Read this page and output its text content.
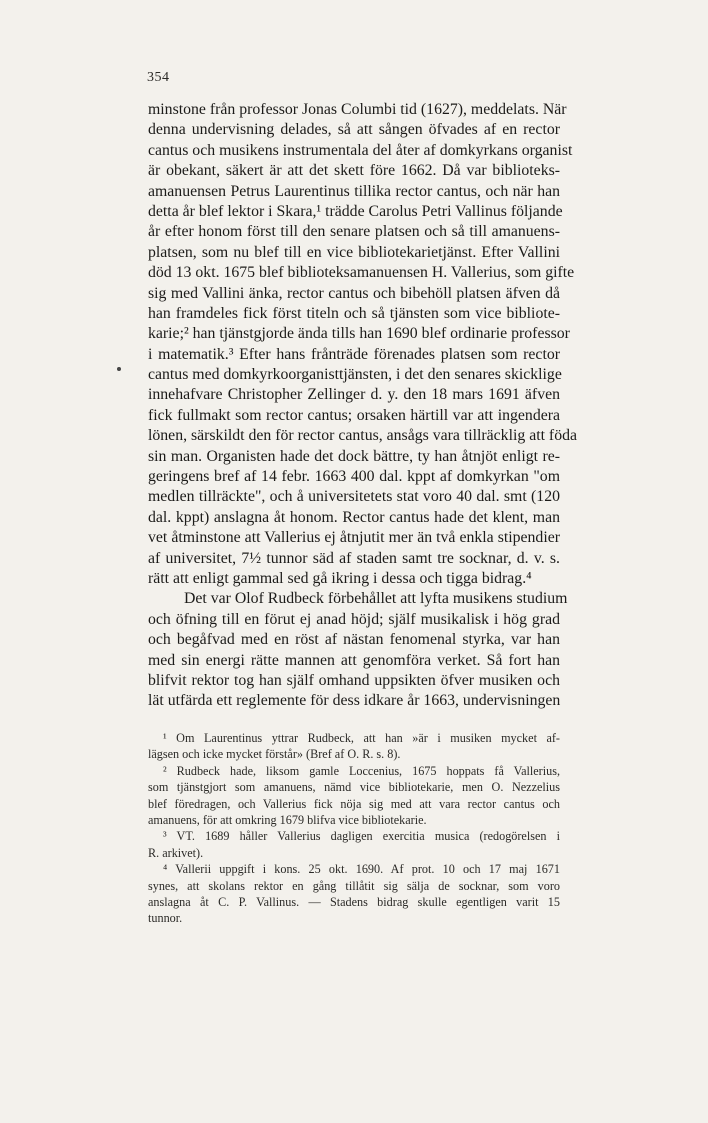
354
minstone från professor Jonas Columbi tid (1627), meddelats. När
denna undervisning delades, så att sången öfvades af en rector
cantus och musikens instrumentala del åter af domkyrkans organist
är obekant, säkert är att det skett före 1662. Då var biblioteks-
amanuensen Petrus Laurentinus tillika rector cantus, och när han
detta år blef lektor i Skara,¹ trädde Carolus Petri Vallinus följande
år efter honom först till den senare platsen och så till amanuens-
platsen, som nu blef till en vice bibliotekarietjänst. Efter Vallini
död 13 okt. 1675 blef biblioteksamanuensen H. Vallerius, som gifte
sig med Vallini änka, rector cantus och bibehöll platsen äfven då
han framdeles fick först titeln och så tjänsten som vice bibliote-
karie;² han tjänstgjorde ända tills han 1690 blef ordinarie professor
i matematik.³ Efter hans frånträde förenades platsen som rector
cantus med domkyrkoorganisttjänsten, i det den senares skicklige
innehafvare Christopher Zellinger d. y. den 18 mars 1691 äfven
fick fullmakt som rector cantus; orsaken härtill var att ingendera
lönen, särskildt den för rector cantus, ansågs vara tillräcklig att föda
sin man. Organisten hade det dock bättre, ty han åtnjöt enligt re-
geringens bref af 14 febr. 1663 400 dal. kppt af domkyrkan "om
medlen tillräckte", och å universitetets stat voro 40 dal. smt (120
dal. kppt) anslagna åt honom. Rector cantus hade det klent, man
vet åtminstone att Vallerius ej åtnjutit mer än två enkla stipendier
af universitet, 7½ tunnor säd af staden samt tre socknar, d. v. s.
rätt att enligt gammal sed gå ikring i dessa och tigga bidrag.⁴
Det var Olof Rudbeck förbehållet att lyfta musikens studium
och öfning till en förut ej anad höjd; själf musikalisk i hög grad
och begåfvad med en röst af nästan fenomenal styrka, var han
med sin energi rätte mannen att genomföra verket. Så fort han
blifvit rektor tog han själf omhand uppsikten öfver musiken och
lät utfärda ett reglemente för dess idkare år 1663, undervisningen
¹ Om Laurentinus yttrar Rudbeck, att han »är i musiken mycket af-
lägsen och icke mycket förstår» (Bref af O. R. s. 8).
² Rudbeck hade, liksom gamle Loccenius, 1675 hoppats få Vallerius,
som tjänstgjort som amanuens, nämd vice bibliotekarie, men O. Nezzelius
blef föredragen, och Vallerius fick nöja sig med att vara rector cantus och
amanuens, för att omkring 1679 blifva vice bibliotekarie.
³ VT. 1689 håller Vallerius dagligen exercitia musica (redogörelsen i
R. arkivet).
⁴ Vallerii uppgift i kons. 25 okt. 1690. Af prot. 10 och 17 maj 1671
synes, att skolans rektor en gång tillåtit sig sälja de socknar, som voro
anslagna åt C. P. Vallinus. — Stadens bidrag skulle egentligen varit 15
tunnor.
